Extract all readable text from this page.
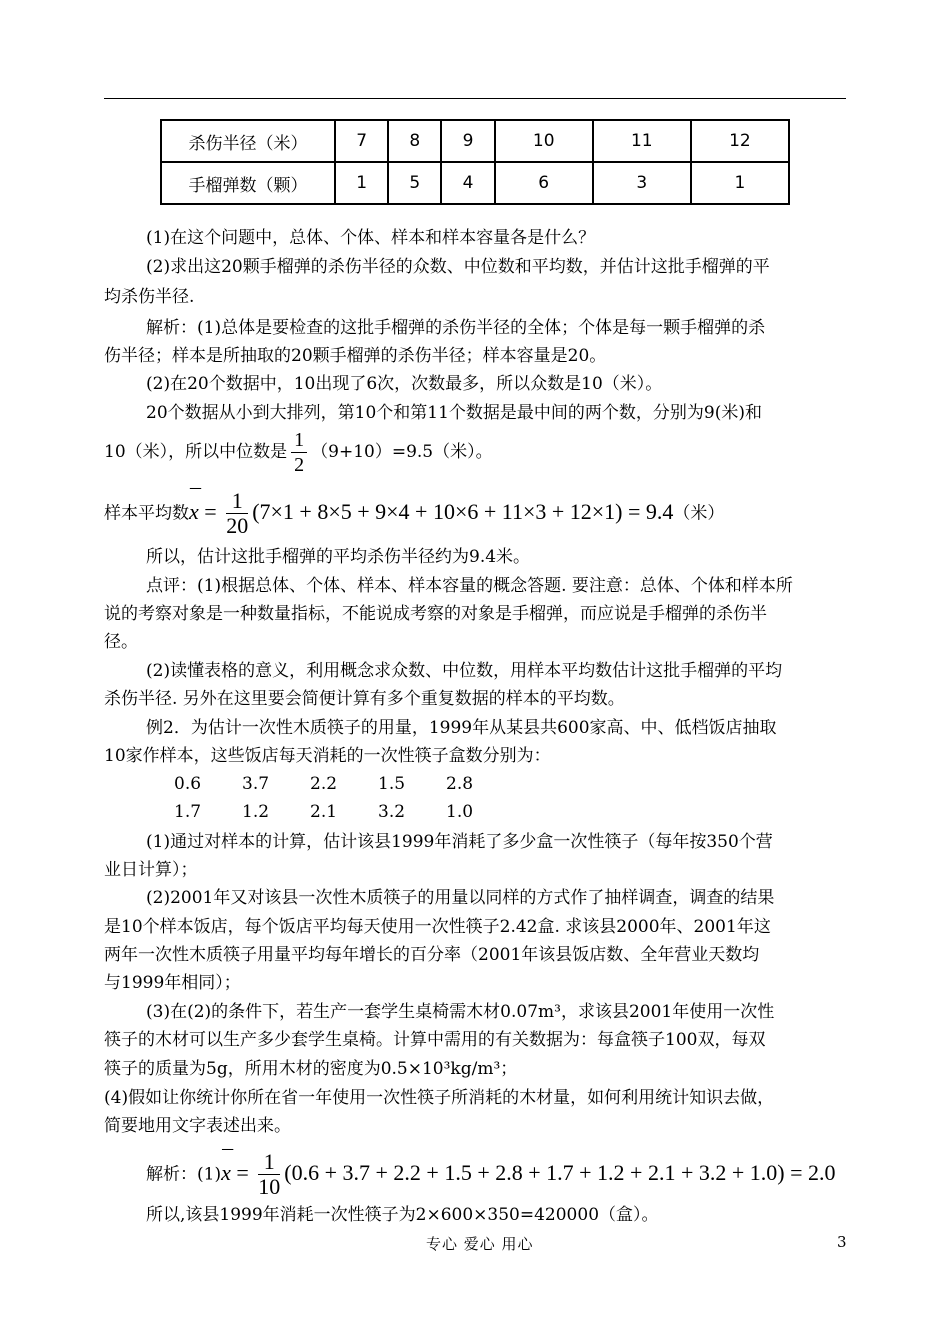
杀伤半径（米）	7	8	9	10	11	12
手榴弹数（颗）	1	5	4	6	3	1
(1)在这个问题中，总体、个体、样本和样本容量各是什么？
(2)求出这20颗手榴弹的杀伤半径的众数、中位数和平均数，并估计这批手榴弹的平
均杀伤半径.
解析：(1)总体是要检查的这批手榴弹的杀伤半径的全体；个体是每一颗手榴弹的杀
伤半径；样本是所抽取的20颗手榴弹的杀伤半径；样本容量是20。
(2)在20个数据中，10出现了6次，次数最多，所以众数是10（米）。
20个数据从小到大排列，第10个和第11个数据是最中间的两个数，分别为9(米)和
10（米），所以中位数是 $\frac{1}{2} (9+10)=9.5$（米）。
样本平均数¯ $x = \frac{1}{20} (7\times 1 + 8\times 5 + 9\times 4 + 10\times 6 + 11\times 3 + 12\times 1) = 9.4$（米）
所以，估计这批手榴弹的平均杀伤半径约为9.4米。
点评：(1)根据总体、个体、样本、样本容量的概念答题. 要注意：总体、个体和样本所
说的考察对象是一种数量指标，不能说成考察的对象是手榴弹，而应说是手榴弹的杀伤半
径。
(2)读懂表格的意义，利用概念求众数、中位数，用样本平均数估计这批手榴弹的平均
杀伤半径. 另外在这里要会简便计算有多个重复数据的样本的平均数。
例2．为估计一次性木质筷子的用量，1999年从某县共600家高、中、低档饭店抽取
10家作样本，这些饭店每天消耗的一次性筷子盒数分别为：
0.6 3.7 2.2 1.5 2.8
1.7 1.2 2.1 3.2 1.0
(1)通过对样本的计算，估计该县1999年消耗了多少盒一次性筷子（每年按350个营
业日计算）；
(2)2001年又对该县一次性木质筷子的用量以同样的方式作了抽样调查，调查的结果
是10个样本饭店，每个饭店平均每天使用一次性筷子2.42盒. 求该县2000年、2001年这
两年一次性木质筷子用量平均每年增长的百分率（2001年该县饭店数、全年营业天数均
与1999年相同）；
(3)在(2)的条件下，若生产一套学生桌椅需木材0.07m³，求该县2001年使用一次性
筷子的木材可以生产多少套学生桌椅。计算中需用的有关数据为：每盒筷子100双，每双
筷子的质量为5g，所用木材的密度为0.5×10³kg/m³；
(4)假如让你统计你所在省一年使用一次性筷子所消耗的木材量，如何利用统计知识去做，
简要地用文字表述出来。
解析：(1)¯ $x = \frac{1}{10} (0.6 + 3.7 + 2.2 + 1.5 + 2.8 + 1.7 + 1.2 + 2.1 + 3.2 + 1.0) = 2.0$
所以,该县1999年消耗一次性筷子为2×600×350=420000（盒）。
专心 爱心 用心	3
